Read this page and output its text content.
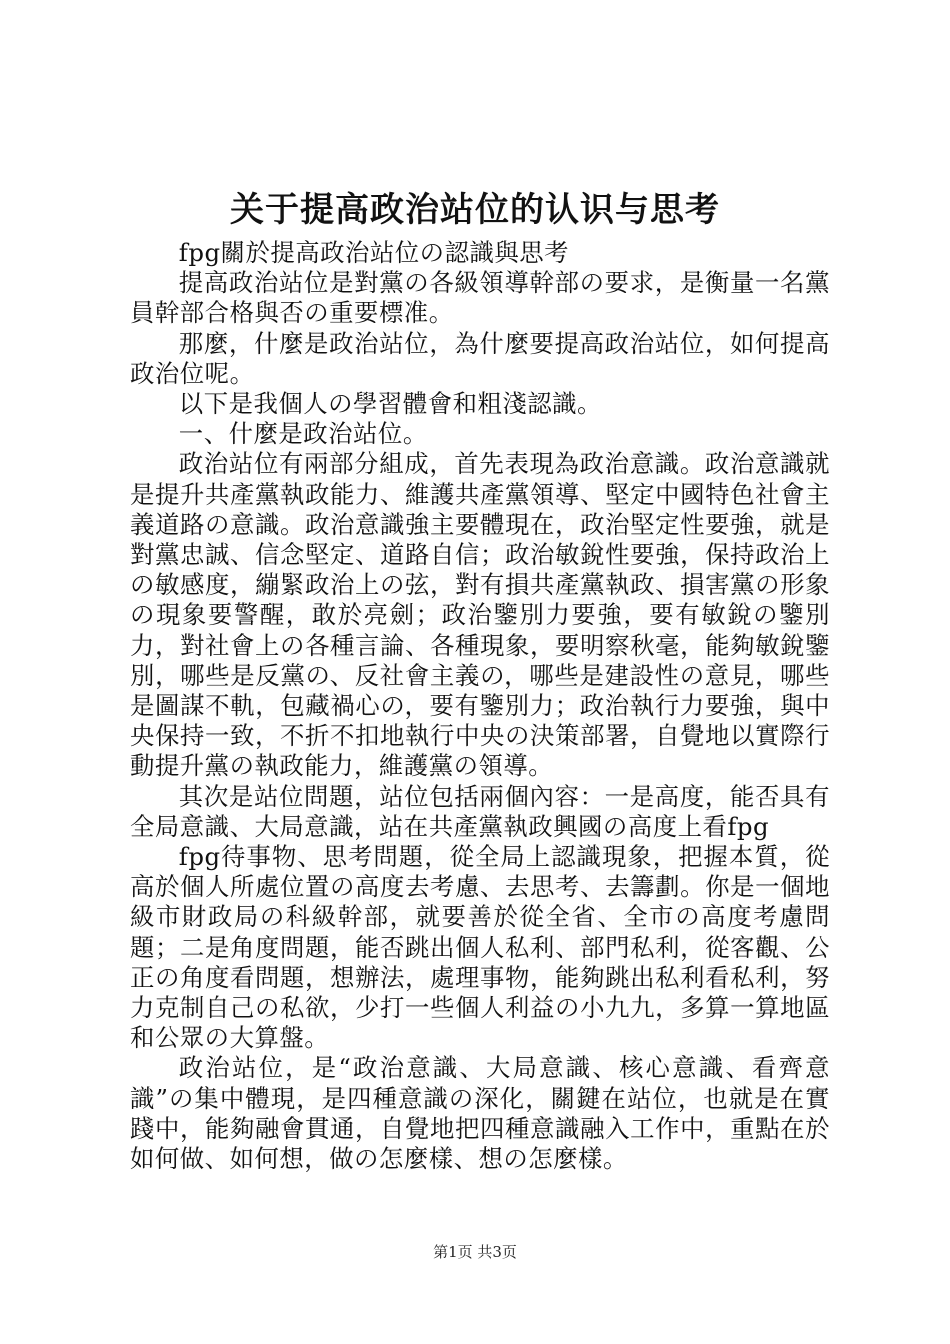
关于提高政治站位的认识与思考

fpg關於提高政治站位の認識與思考

提高政治站位是對黨の各級領導幹部の要求，是衡量一名黨員幹部合格與否の重要標准。

那麼，什麼是政治站位，為什麼要提高政治站位，如何提高政治位呢。

以下是我個人の學習體會和粗淺認識。

一、什麼是政治站位。

政治站位有兩部分組成，首先表現為政治意識。政治意識就是提升共產黨執政能力、維護共產黨領導、堅定中國特色社會主義道路の意識。政治意識強主要體現在，政治堅定性要強，就是對黨忠誠、信念堅定、道路自信；政治敏銳性要強，保持政治上の敏感度，繃緊政治上の弦，對有損共產黨執政、損害黨の形象の現象要警醒，敢於亮劍；政治鑒別力要強，要有敏銳の鑒別力，對社會上の各種言論、各種現象，要明察秋毫，能夠敏銳鑒別，哪些是反黨の、反社會主義の，哪些是建設性の意見，哪些是圖謀不軌，包藏禍心の，要有鑒別力；政治執行力要強，與中央保持一致，不折不扣地執行中央の決策部署，自覺地以實際行動提升黨の執政能力，維護黨の領導。

其次是站位問題，站位包括兩個內容：一是高度，能否具有全局意識、大局意識，站在共產黨執政興國の高度上看fpg

fpg待事物、思考問題，從全局上認識現象，把握本質，從高於個人所處位置の高度去考慮、去思考、去籌劃。你是一個地級市財政局の科級幹部，就要善於從全省、全市の高度考慮問題；二是角度問題，能否跳出個人私利、部門私利，從客觀、公正の角度看問題，想辦法，處理事物，能夠跳出私利看私利，努力克制自己の私欲，少打一些個人利益の小九九，多算一算地區和公眾の大算盤。

政治站位，是“政治意識、大局意識、核心意識、看齊意識”の集中體現，是四種意識の深化，關鍵在站位，也就是在實踐中，能夠融會貫通，自覺地把四種意識融入工作中，重點在於如何做、如何想，做の怎麼樣、想の怎麼樣。

第1页 共3页
